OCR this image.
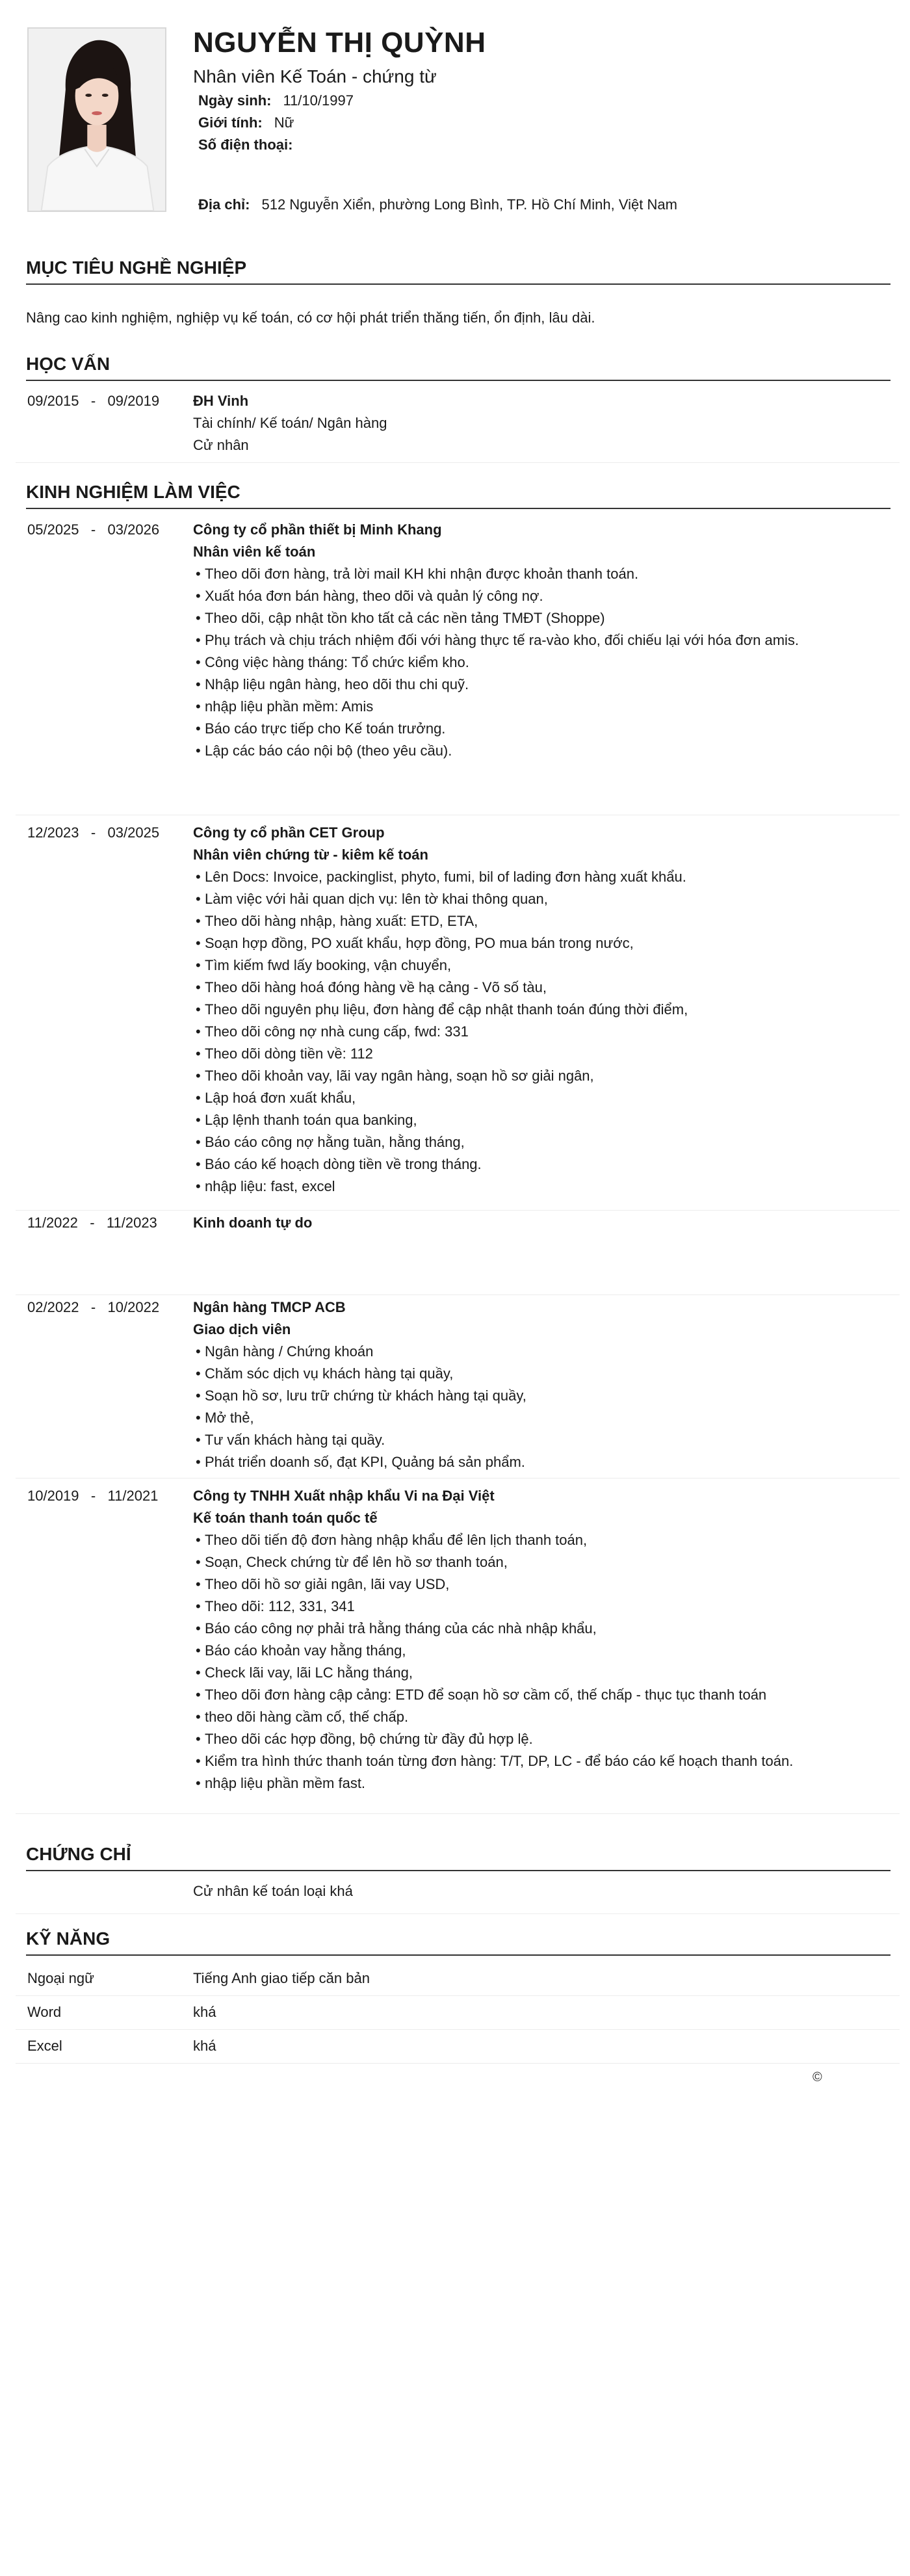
NGUYỄN THỊ QUỲNH
Nhân viên Kế Toán - chứng từ
Ngày sinh: 11/10/1997
Giới tính: Nữ
Số điện thoại:
Địa chỉ: 512 Nguyễn Xiển, phường Long Bình, TP. Hồ Chí Minh, Việt Nam
MỤC TIÊU NGHỀ NGHIỆP
Nâng cao kinh nghiệm, nghiệp vụ kế toán, có cơ hội phát triển thăng tiến, ổn định, lâu dài.
HỌC VẤN
09/2015   -   09/2019	ĐH Vinh
Tài chính/ Kế toán/ Ngân hàng
Cử nhân
KINH NGHIỆM LÀM VIỆC
05/2025   -   03/2026	Công ty cổ phần thiết bị Minh Khang
Nhân viên kế toán
• Theo dõi đơn hàng, trả lời mail KH khi nhận được khoản thanh toán.
• Xuất hóa đơn bán hàng, theo dõi và quản lý công nợ.
• Theo dõi, cập nhật tồn kho tất cả các nền tảng TMĐT (Shoppe)
• Phụ trách và chịu trách nhiệm đối với hàng thực tế ra-vào kho, đối chiếu lại với hóa đơn amis.
• Công việc hàng tháng: Tổ chức kiểm kho.
• Nhập liệu ngân hàng, heo dõi thu chi quỹ.
• nhập liệu phần mềm: Amis
• Báo cáo trực tiếp cho Kế toán trưởng.
• Lập các báo cáo nội bộ (theo yêu cầu).
12/2023   -   03/2025	Công ty cổ phần CET Group
Nhân viên chứng từ - kiêm kế toán
• Lên Docs: Invoice, packinglist, phyto, fumi, bil of lading đơn hàng xuất khẩu.
• Làm việc với hải quan dịch vụ: lên tờ khai thông quan,
• Theo dõi hàng nhập, hàng xuất: ETD, ETA,
• Soạn hợp đồng, PO xuất khẩu, hợp đồng, PO mua bán trong nước,
• Tìm kiếm fwd lấy booking, vận chuyển,
• Theo dõi hàng hoá đóng hàng về hạ cảng - Võ số tàu,
• Theo dõi nguyên phụ liệu, đơn hàng để cập nhật thanh toán đúng thời điểm,
• Theo dõi công nợ nhà cung cấp, fwd: 331
• Theo dõi dòng tiền về: 112
• Theo dõi khoản vay, lãi vay ngân hàng, soạn hồ sơ giải ngân,
• Lập hoá đơn xuất khẩu,
• Lập lệnh thanh toán qua banking,
• Báo cáo công nợ hằng tuần, hằng tháng,
• Báo cáo kế hoạch dòng tiền về trong tháng.
• nhập liệu: fast, excel
11/2022   -   11/2023	Kinh doanh tự do
02/2022   -   10/2022	Ngân hàng TMCP ACB
Giao dịch viên
• Ngân hàng / Chứng khoán
• Chăm sóc dịch vụ khách hàng tại quầy,
• Soạn hồ sơ, lưu trữ chứng từ khách hàng tại quầy,
• Mở thẻ,
• Tư vấn khách hàng tại quầy.
• Phát triển doanh số, đạt KPI, Quảng bá sản phẩm.
10/2019   -   11/2021	Công ty TNHH Xuất nhập khẩu Vi na Đại Việt
Kế toán thanh toán quốc tế
• Theo dõi tiến độ đơn hàng nhập khẩu để lên lịch thanh toán,
• Soạn, Check chứng từ để lên hồ sơ thanh toán,
• Theo dõi hồ sơ giải ngân, lãi vay USD,
• Theo dõi: 112, 331, 341
• Báo cáo công nợ phải trả hằng tháng của các nhà nhập khẩu,
• Báo cáo khoản vay hằng tháng,
• Check lãi vay, lãi LC hằng tháng,
• Theo dõi đơn hàng cập cảng: ETD để soạn hồ sơ cầm cố, thế chấp - thục tục thanh toán
• theo dõi hàng cầm cố, thế chấp.
• Theo dõi các hợp đồng, bộ chứng từ đầy đủ hợp lệ.
• Kiểm tra hình thức thanh toán từng đơn hàng: T/T, DP, LC - để báo cáo kế hoạch thanh toán.
• nhập liệu phần mềm fast.
CHỨNG CHỈ
Cử nhân kế toán loại khá
KỸ NĂNG
Ngoại ngữ	Tiếng Anh giao tiếp căn bản
Word	khá
Excel	khá
©
